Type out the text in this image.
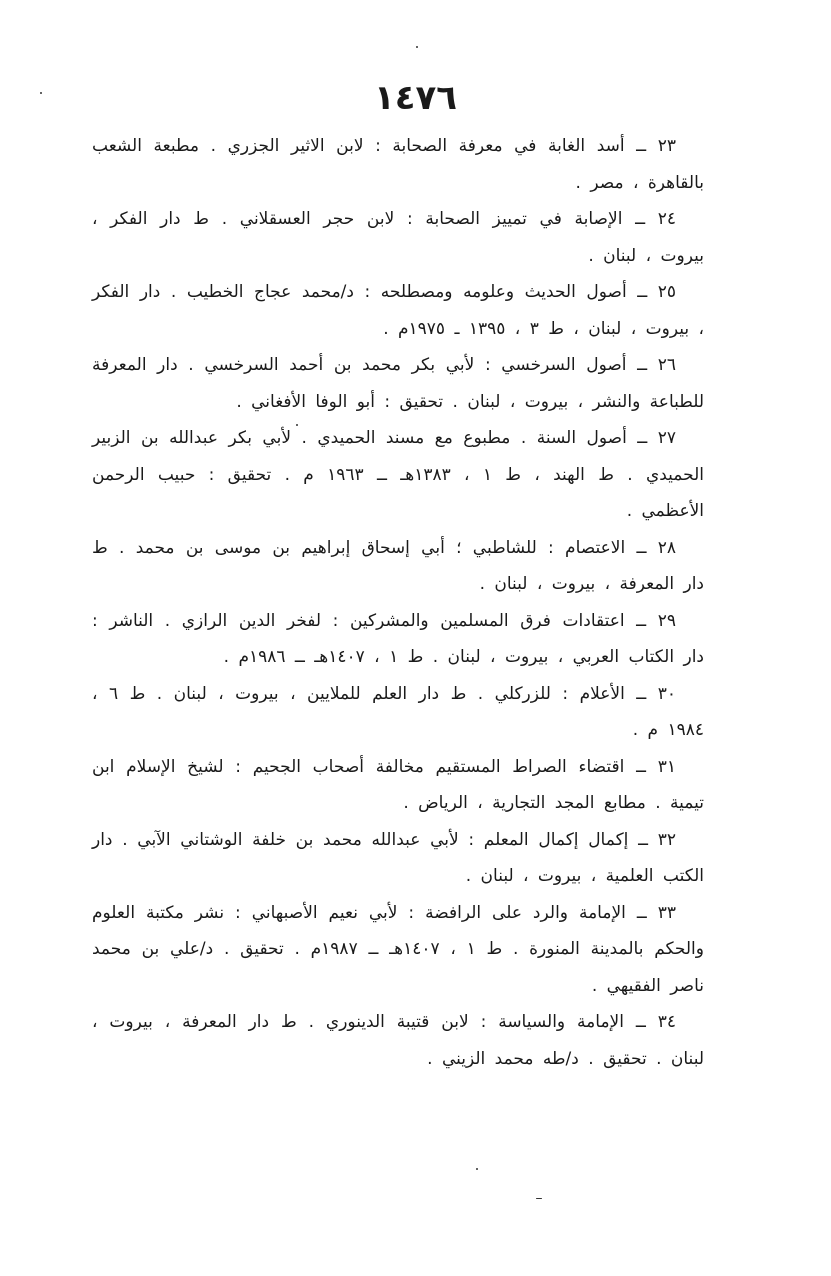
١٤٧٦

٢٣ ــ أسد الغابة في معرفة الصحابة : لابن الاثير الجزري . مطبعة الشعب بالقاهرة ، مصر .

٢٤ ــ الإصابة في تمييز الصحابة : لابن حجر العسقلاني . ط دار الفكر ، بيروت ، لبنان .

٢٥ ــ أصول الحديث وعلومه ومصطلحه : د/محمد عجاج الخطيب . دار الفكر ، بيروت ، لبنان ، ط ٣ ، ١٣٩٥ ـ ١٩٧٥م .

٢٦ ــ أصول السرخسي : لأبي بكر محمد بن أحمد السرخسي . دار المعرفة للطباعة والنشر ، بيروت ، لبنان . تحقيق : أبو الوفا الأفغاني .

٢٧ ــ أصول السنة . مطبوع مع مسند الحميدي . لأبي بكر عبدالله بن الزبير الحميدي . ط الهند ، ط ١ ، ١٣٨٣هـ ــ ١٩٦٣ م . تحقيق : حبيب الرحمن الأعظمي .

٢٨ ــ الاعتصام : للشاطبي ؛ أبي إسحاق إبراهيم بن موسى بن محمد . ط دار المعرفة ، بيروت ، لبنان .

٢٩ ــ اعتقادات فرق المسلمين والمشركين : لفخر الدين الرازي . الناشر : دار الكتاب العربي ، بيروت ، لبنان . ط ١ ، ١٤٠٧هـ ــ ١٩٨٦م .

٣٠ ــ الأعلام : للزركلي . ط دار العلم للملايين ، بيروت ، لبنان . ط ٦ ، ١٩٨٤ م .

٣١ ــ اقتضاء الصراط المستقيم مخالفة أصحاب الجحيم : لشيخ الإسلام ابن تيمية . مطابع المجد التجارية ، الرياض .

٣٢ ــ إكمال إكمال المعلم : لأبي عبدالله محمد بن خلفة الوشتاني الآبي . دار الكتب العلمية ، بيروت ، لبنان .

٣٣ ــ الإمامة والرد على الرافضة : لأبي نعيم الأصبهاني : نشر مكتبة العلوم والحكم بالمدينة المنورة . ط ١ ، ١٤٠٧هـ ــ ١٩٨٧م . تحقيق . د/علي بن محمد ناصر الفقيهي .

٣٤ ــ الإمامة والسياسة : لابن قتيبة الدينوري . ط دار المعرفة ، بيروت ، لبنان . تحقيق . د/طه محمد الزيني .
